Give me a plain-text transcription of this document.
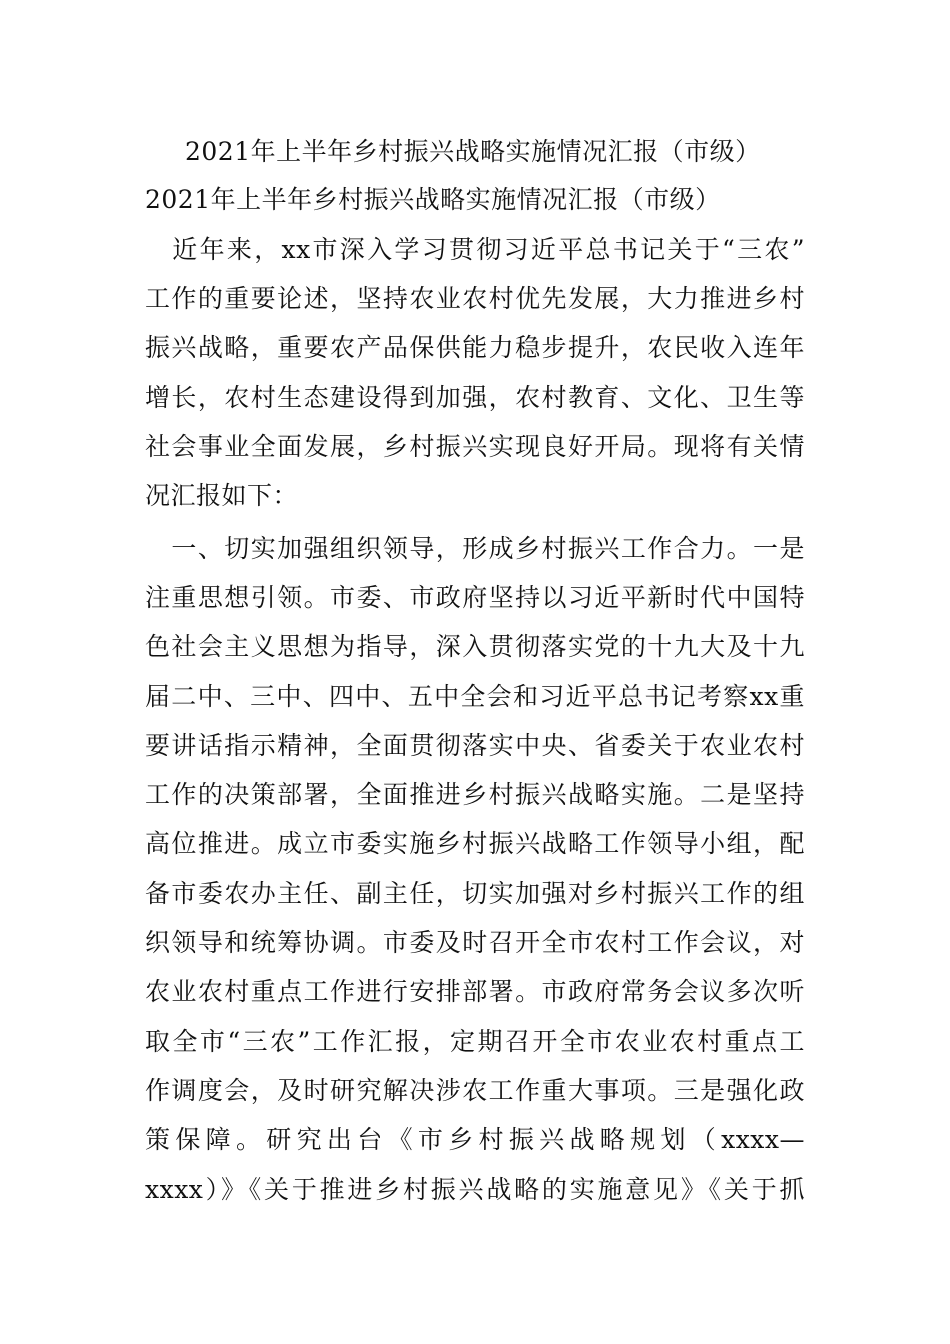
2021年上半年乡村振兴战略实施情况汇报（市级）
2021年上半年乡村振兴战略实施情况汇报（市级）
　近年来，xx市深入学习贯彻习近平总书记关于“三农”
工作的重要论述，坚持农业农村优先发展，大力推进乡村
振兴战略，重要农产品保供能力稳步提升，农民收入连年
增长，农村生态建设得到加强，农村教育、文化、卫生等
社会事业全面发展，乡村振兴实现良好开局。现将有关情
况汇报如下：
　一、切实加强组织领导，形成乡村振兴工作合力。一是
注重思想引领。市委、市政府坚持以习近平新时代中国特
色社会主义思想为指导，深入贯彻落实党的十九大及十九
届二中、三中、四中、五中全会和习近平总书记考察xx重
要讲话指示精神，全面贯彻落实中央、省委关于农业农村
工作的决策部署，全面推进乡村振兴战略实施。二是坚持
高位推进。成立市委实施乡村振兴战略工作领导小组，配
备市委农办主任、副主任，切实加强对乡村振兴工作的组
织领导和统筹协调。市委及时召开全市农村工作会议，对
农业农村重点工作进行安排部署。市政府常务会议多次听
取全市“三农”工作汇报，定期召开全市农业农村重点工
作调度会，及时研究解决涉农工作重大事项。三是强化政
策保障。研究出台《市乡村振兴战略规划（xxxx—
xxxx）》《关于推进乡村振兴战略的实施意见》《关于抓
